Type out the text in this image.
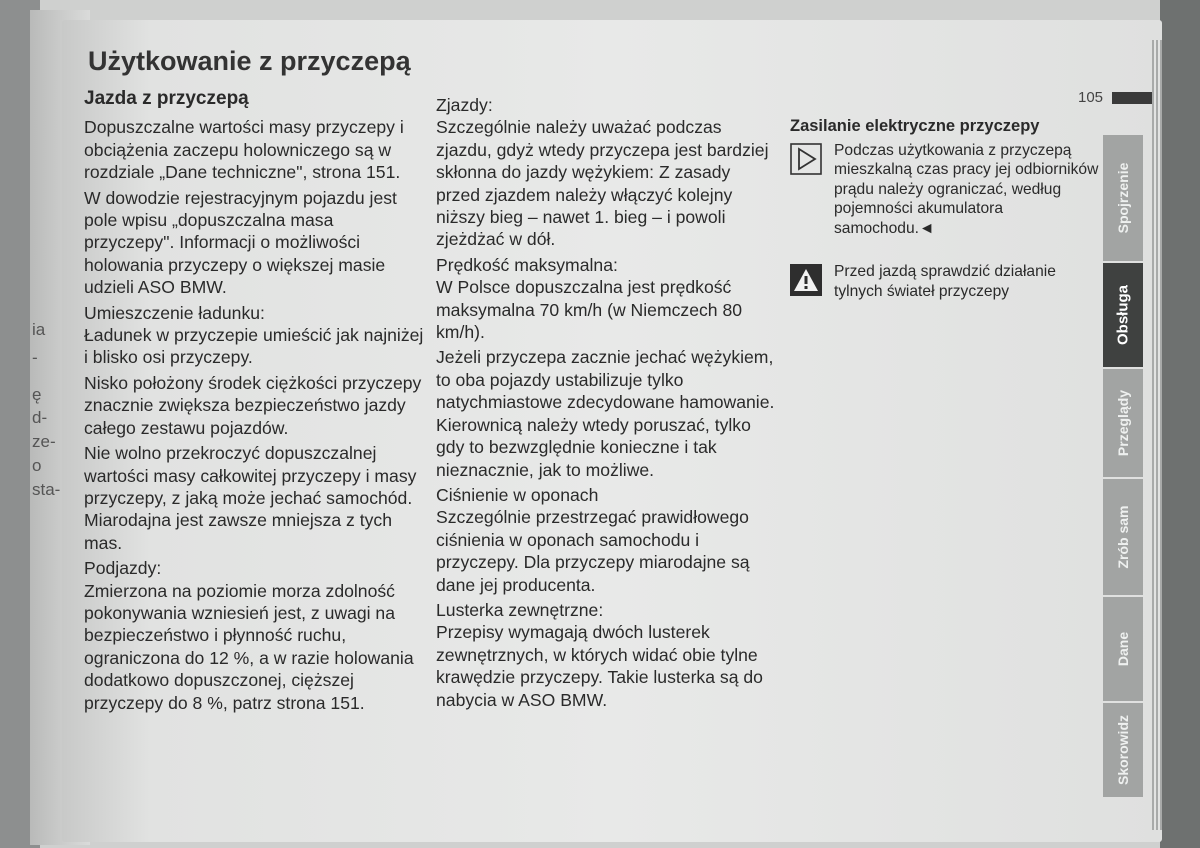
ia
-
ę
d-
ze-
o
sta-
Użytkowanie z przyczepą
105
Jazda z przyczepą

Dopuszczalne wartości masy przyczepy i obciążenia zaczepu holowniczego są w rozdziale „Dane techniczne", strona 151.

W dowodzie rejestracyjnym pojazdu jest pole wpisu „dopuszczalna masa przyczepy". Informacji o możliwości holowania przyczepy o większej masie udzieli ASO BMW.

Umieszczenie ładunku:

Ładunek w przyczepie umieścić jak najniżej i blisko osi przyczepy.

Nisko położony środek ciężkości przyczepy znacznie zwiększa bezpieczeństwo jazdy całego zestawu pojazdów.

Nie wolno przekroczyć dopuszczalnej wartości masy całkowitej przyczepy i masy przyczepy, z jaką może jechać samochód. Miarodajna jest zawsze mniejsza z tych mas.

Podjazdy:

Zmierzona na poziomie morza zdolność pokonywania wzniesień jest, z uwagi na bezpieczeństwo i płynność ruchu, ograniczona do 12 %, a w razie holowania dodatkowo dopuszczonej, cięższej przyczepy do 8 %, patrz strona 151.

Zjazdy:

Szczególnie należy uważać podczas zjazdu, gdyż wtedy przyczepa jest bardziej skłonna do jazdy wężykiem: Z zasady przed zjazdem należy włączyć kolejny niższy bieg – nawet 1. bieg – i powoli zjeżdżać w dół.

Prędkość maksymalna:

W Polsce dopuszczalna jest prędkość maksymalna 70 km/h (w Niemczech 80 km/h).

Jeżeli przyczepa zacznie jechać wężykiem, to oba pojazdy ustabilizuje tylko natychmiastowe zdecydowane hamowanie. Kierownicą należy wtedy poruszać, tylko gdy to bezwzględnie konieczne i tak nieznacznie, jak to możliwe.

Ciśnienie w oponach

Szczególnie przestrzegać prawidłowego ciśnienia w oponach samochodu i przyczepy. Dla przyczepy miarodajne są dane jej producenta.

Lusterka zewnętrzne:

Przepisy wymagają dwóch lusterek zewnętrznych, w których widać obie tylne krawędzie przyczepy. Takie lusterka są do nabycia w ASO BMW.

Zasilanie elektryczne przyczepy
Podczas użytkowania z przyczepą mieszkalną czas pracy jej odbiorników prądu należy ograniczać, według pojemności akumulatora samochodu.◄
Przed jazdą sprawdzić działanie tylnych świateł przyczepy
Spojrzenie
Obsługa
Przeglądy
Zrób sam
Dane
Skorowidz
